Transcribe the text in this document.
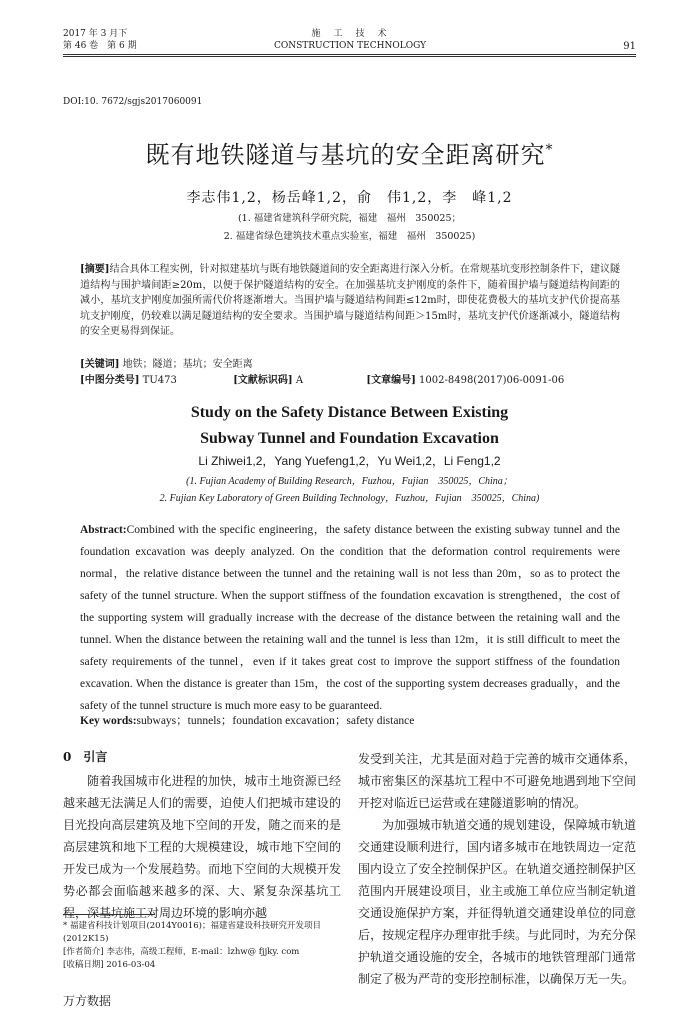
2017 年 3 月下
第 46 卷　第 6 期
施　工　技　术
CONSTRUCTION TECHNOLOGY	91
DOI:10. 7672/sgjs2017060091
既有地铁隧道与基坑的安全距离研究*
李志伟1,2，杨岳峰1,2，俞　伟1,2，李　峰1,2
(1. 福建省建筑科学研究院，福建　福州　350025；
2. 福建省绿色建筑技术重点实验室，福建　福州　350025)
[摘要]结合具体工程实例，针对拟建基坑与既有地铁隧道间的安全距离进行深入分析。在常规基坑变形控制条件下，建议隧道结构与围护墙间距≥20m，以便于保护隧道结构的安全。在加强基坑支护刚度的条件下，随着围护墙与隧道结构间距的减小，基坑支护刚度加强所需代价将逐渐增大。当围护墙与隧道结构间距≤12m时，即使花费极大的基坑支护代价提高基坑支护刚度，仍较难以满足隧道结构的安全要求。当围护墙与隧道结构间距＞15m时，基坑支护代价逐渐减小，隧道结构的安全更易得到保证。
[关键词] 地铁；隧道；基坑；安全距离
[中图分类号] TU473	[文献标识码] A	[文章编号] 1002-8498(2017)06-0091-06
Study on the Safety Distance Between Existing
Subway Tunnel and Foundation Excavation
Li Zhiwei1,2，Yang Yuefeng1,2，Yu Wei1,2，Li Feng1,2
(1. Fujian Academy of Building Research，Fuzhou，Fujian　350025，China；
2. Fujian Key Laboratory of Green Building Technology，Fuzhou，Fujian　350025，China)
Abstract:Combined with the specific engineering，the safety distance between the existing subway tunnel and the foundation excavation was deeply analyzed. On the condition that the deformation control requirements were normal，the relative distance between the tunnel and the retaining wall is not less than 20m，so as to protect the safety of the tunnel structure. When the support stiffness of the foundation excavation is strengthened，the cost of the supporting system will gradually increase with the decrease of the distance between the retaining wall and the tunnel. When the distance between the retaining wall and the tunnel is less than 12m，it is still difficult to meet the safety requirements of the tunnel，even if it takes great cost to improve the support stiffness of the foundation excavation. When the distance is greater than 15m，the cost of the supporting system decreases gradually，and the safety of the tunnel structure is much more easy to be guaranteed.
Key words:subways；tunnels；foundation excavation；safety distance
0　 引言

随着我国城市化进程的加快，城市土地资源已经越来越无法满足人们的需要，迫使人们把城市建设的目光投向高层建筑及地下空间的开发，随之而来的是高层建筑和地下工程的大规模建设，城市地下空间的开发已成为一个发展趋势。而地下空间的大规模开发势必都会面临越来越多的深、大、紧复杂深基坑工程，深基坑施工对周边环境的影响亦越

发受到关注，尤其是面对趋于完善的城市交通体系，城市密集区的深基坑工程中不可避免地遇到地下空间开挖对临近已运营或在建隧道影响的情况。

为加强城市轨道交通的规划建设，保障城市轨道交通建设顺利进行，国内诸多城市在地铁周边一定范围内设立了安全控制保护区。在轨道交通控制保护区范围内开展建设项目，业主或施工单位应当制定轨道交通设施保护方案，并征得轨道交通建设单位的同意后，按规定程序办理审批手续。与此同时，为充分保护轨道交通设施的安全，各城市的地铁管理部门通常制定了极为严苛的变形控制标准，以确保万无一失。

* 福建省科技计划项目(2014Y0016)；福建省建设科技研究开发项目(2012K15)
[作者简介] 李志伟，高级工程师，E-mail：lzhw@ fjjky. com
[收稿日期] 2016-03-04
万方数据
